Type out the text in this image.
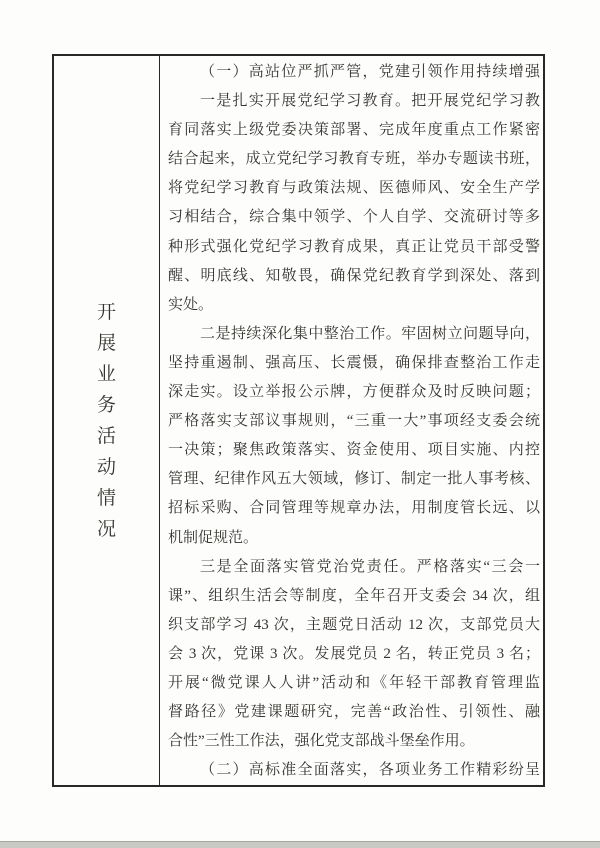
开
展
业
务
活
动
情
况
（一）高站位严抓严管，党建引领作用持续增强
一是扎实开展党纪学习教育。把开展党纪学习教
育同落实上级党委决策部署、完成年度重点工作紧密
结合起来，成立党纪学习教育专班，举办专题读书班，
将党纪学习教育与政策法规、医德师风、安全生产学
习相结合，综合集中领学、个人自学、交流研讨等多
种形式强化党纪学习教育成果，真正让党员干部受警
醒、明底线、知敬畏，确保党纪教育学到深处、落到
实处。
二是持续深化集中整治工作。牢固树立问题导向，
坚持重遏制、强高压、长震慑，确保排查整治工作走
深走实。设立举报公示牌，方便群众及时反映问题；
严格落实支部议事规则，“三重一大”事项经支委会统
一决策；聚焦政策落实、资金使用、项目实施、内控
管理、纪律作风五大领域，修订、制定一批人事考核、
招标采购、合同管理等规章办法，用制度管长远、以
机制促规范。
三是全面落实管党治党责任。严格落实“三会一
课”、组织生活会等制度，全年召开支委会 34 次，组
织支部学习 43 次，主题党日活动 12 次，支部党员大
会 3 次，党课 3 次。发展党员 2 名，转正党员 3 名；
开展“微党课人人讲”活动和《年轻干部教育管理监
督路径》党建课题研究，完善“政治性、引领性、融
合性”三性工作法，强化党支部战斗堡垒作用。
（二）高标准全面落实，各项业务工作精彩纷呈
